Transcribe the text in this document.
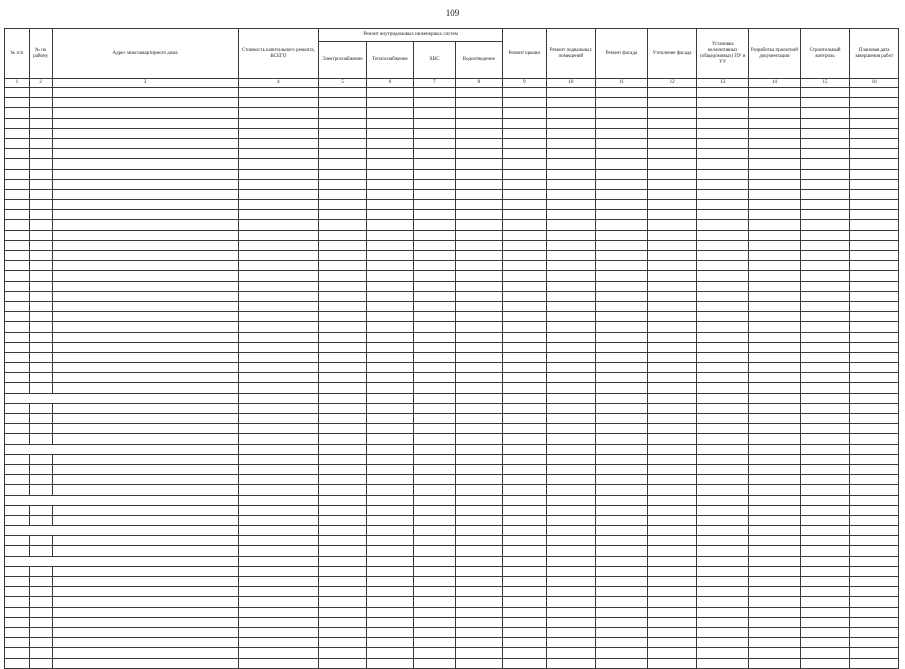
109
№ п/п	№ по району	Адрес многоквартирного дома	Стоимость капитального ремонта, ВСЕГО	Ремонт внутридомовых инженерных систем				Ремонт крыши	Ремонт подвальных помещений	Ремонт фасада	Утепление фасада	Установка коллективных (общедомовых) ПУ и УУ	Разработка проектной документации	Строительный контроль	Плановая дата завершения работ
				Электроснабжение	Теплоснабжение	ХВС	Водоотведение								
1	2	3	4	5	6	7	8	9	10	11	12	13	14	15	16
